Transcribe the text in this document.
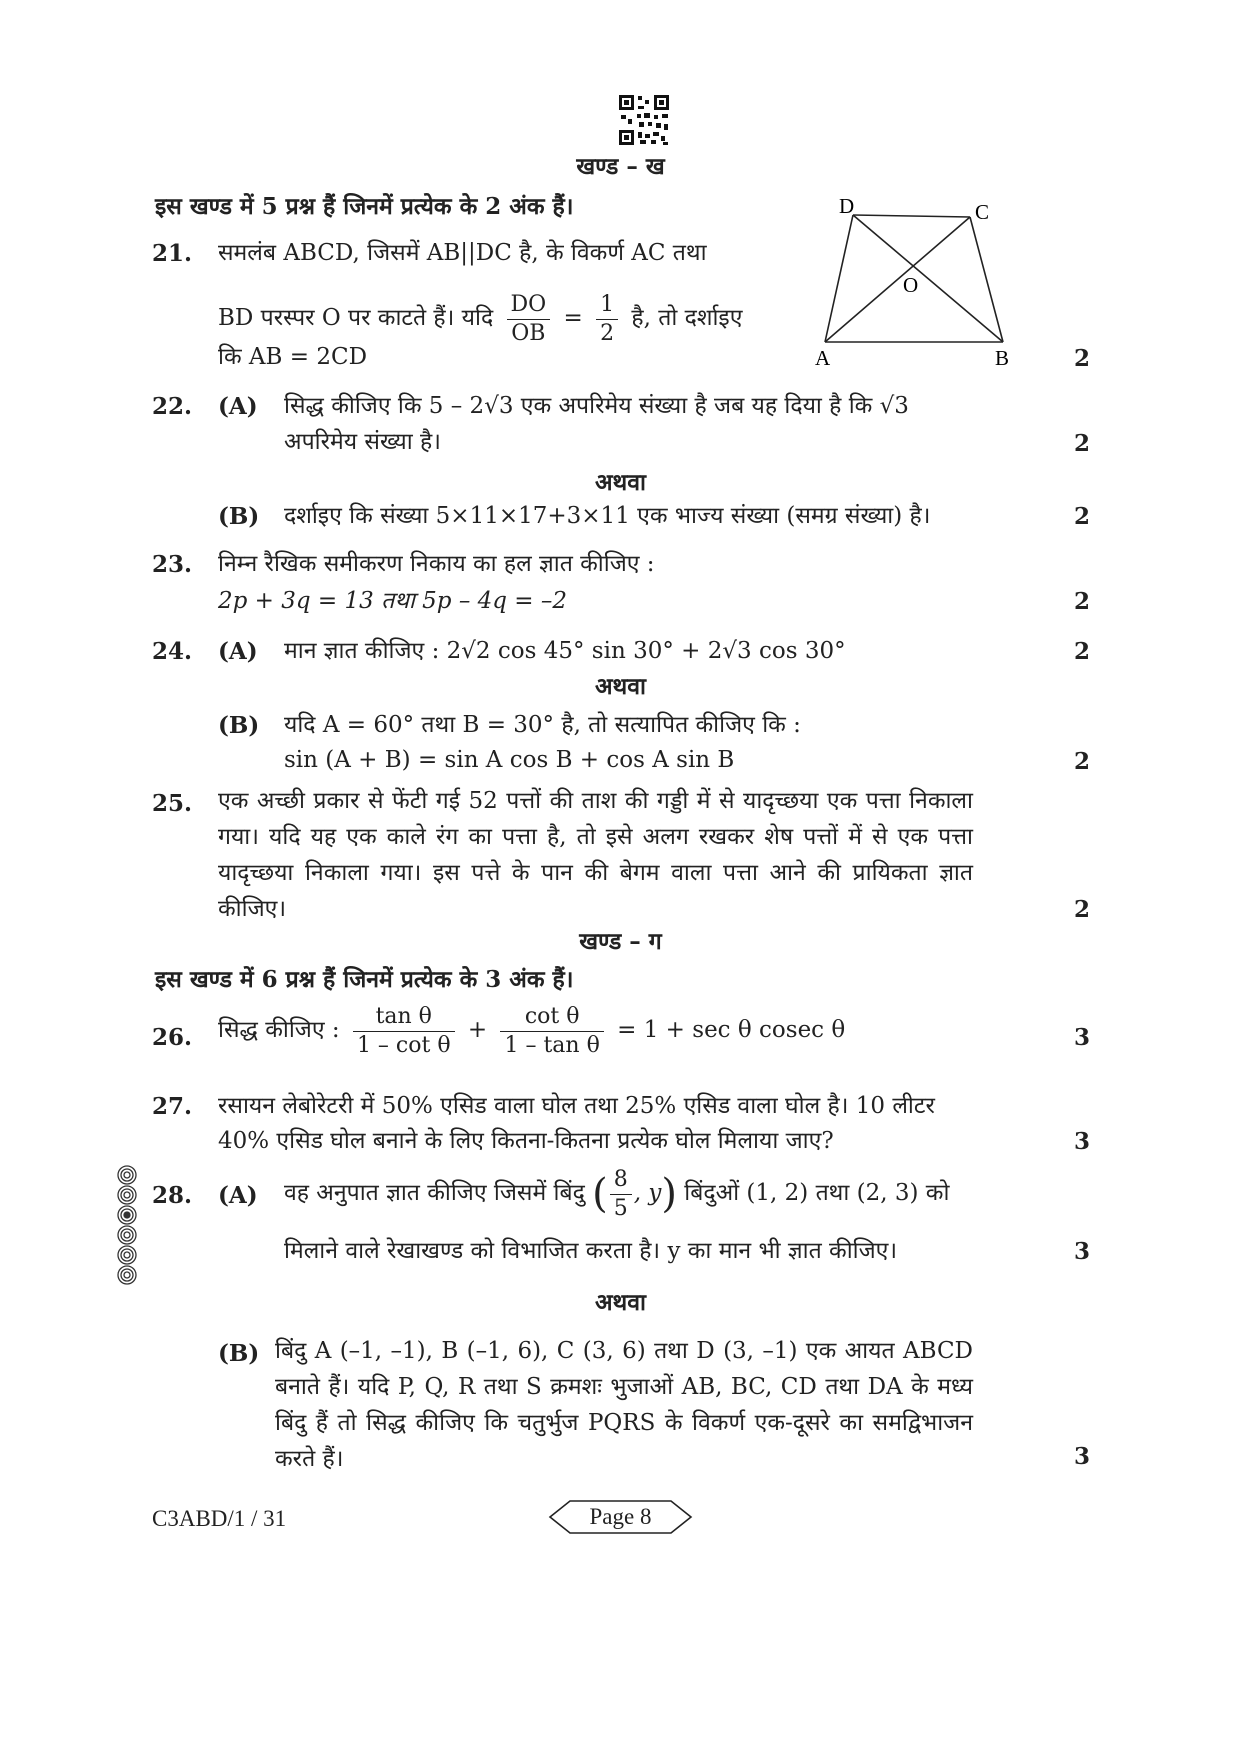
खण्ड – ख
इस खण्ड में 5 प्रश्न हैं जिनमें प्रत्येक के 2 अंक हैं।
21. समलंब ABCD, जिसमें AB||DC है, के विकर्ण AC तथा
BD परस्पर O पर काटते हैं। यदि $\frac{DO}{OB} = \frac{1}{2}$ है, तो दर्शाइए
कि AB = 2CD	2
D	C
O
A	B
22. (A) सिद्ध कीजिए कि 5 – 2√3 एक अपरिमेय संख्या है जब यह दिया है कि √3
अपरिमेय संख्या है।	2
अथवा
(B) दर्शाइए कि संख्या 5×11×17+3×11 एक भाज्य संख्या (समग्र संख्या) है।	2
23. निम्न रैखिक समीकरण निकाय का हल ज्ञात कीजिए :
2p + 3q = 13 तथा 5p – 4q = –2	2
24. (A) मान ज्ञात कीजिए : 2√2 cos 45° sin 30° + 2√3 cos 30°	2
अथवा
(B) यदि A = 60° तथा B = 30° है, तो सत्यापित कीजिए कि :
sin (A + B) = sin A cos B + cos A sin B	2
25. एक अच्छी प्रकार से फेंटी गई 52 पत्तों की ताश की गड्डी में से यादृच्छया एक पत्ता निकाला गया। यदि यह एक काले रंग का पत्ता है, तो इसे अलग रखकर शेष पत्तों में से एक पत्ता यादृच्छया निकाला गया। इस पत्ते के पान की बेगम वाला पत्ता आने की प्रायिकता ज्ञात कीजिए।	2
खण्ड – ग
इस खण्ड में 6 प्रश्न हैं जिनमें प्रत्येक के 3 अंक हैं।
26. सिद्ध कीजिए : $\frac{\text{tan θ}}{\text{1 – cot θ}} + \frac{\text{cot θ}}{\text{1 – tan θ}} = 1 + \sec \theta$ cosec θ	3
27. रसायन लेबोरेटरी में 50% एसिड वाला घोल तथा 25% एसिड वाला घोल है। 10 लीटर
40% एसिड घोल बनाने के लिए कितना-कितना प्रत्येक घोल मिलाया जाए?	3
28. (A) वह अनुपात ज्ञात कीजिए जिसमें बिंदु ( $\frac{8}{5}$ , y) बिंदुओं (1, 2) तथा (2, 3) को
मिलाने वाले रेखाखण्ड को विभाजित करता है। y का मान भी ज्ञात कीजिए।	3
अथवा
(B) बिंदु A (–1, –1), B (–1, 6), C (3, 6) तथा D (3, –1) एक आयत ABCD बनाते हैं। यदि P, Q, R तथा S क्रमशः भुजाओं AB, BC, CD तथा DA के मध्य बिंदु हैं तो सिद्ध कीजिए कि चतुर्भुज PQRS के विकर्ण एक-दूसरे का समद्विभाजन करते हैं।	3
C3ABD/1 / 31	Page 8
